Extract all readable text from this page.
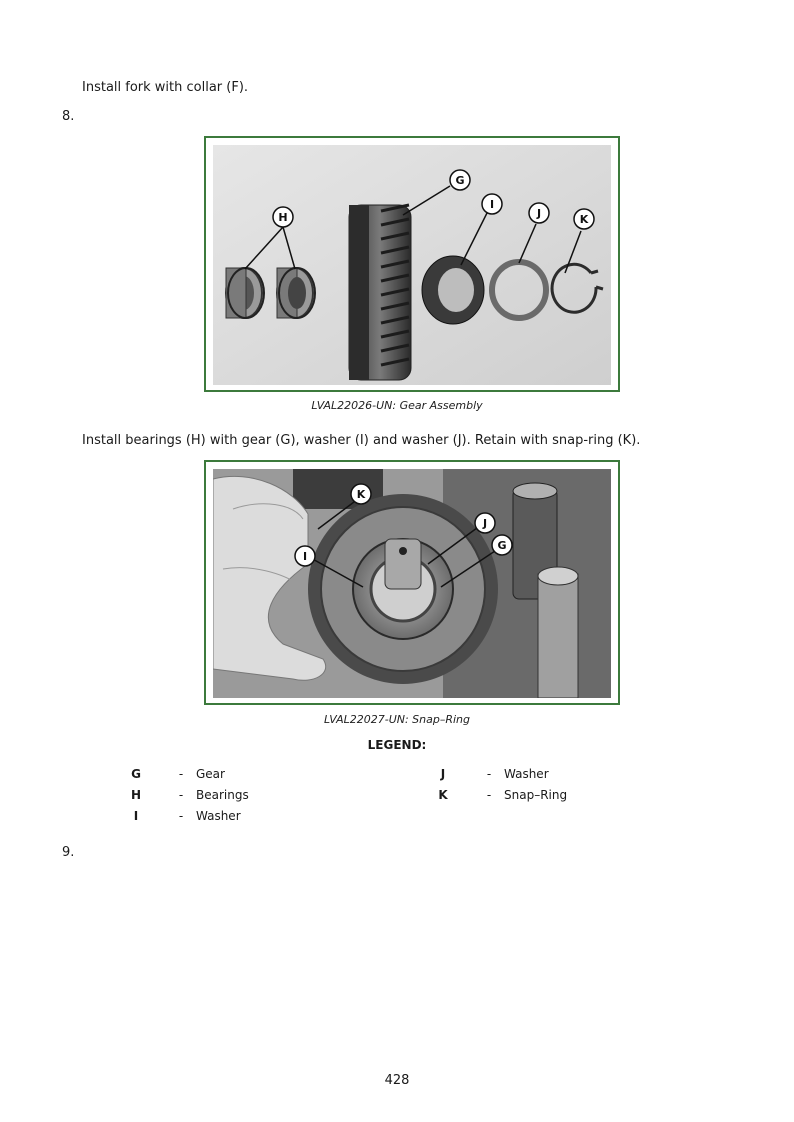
Install fork with collar (F).
8.
H
G
I
J	K
LVAL22026-UN: Gear Assembly
Install bearings (H) with gear (G), washer (I) and washer (J). Retain with snap-ring (K).
K
J
I
G
LVAL22027-UN: Snap–Ring
LEGEND:
G	- Gear
H	- Bearings
I	- Washer
J	- Washer
K	- Snap–Ring
9.
428
